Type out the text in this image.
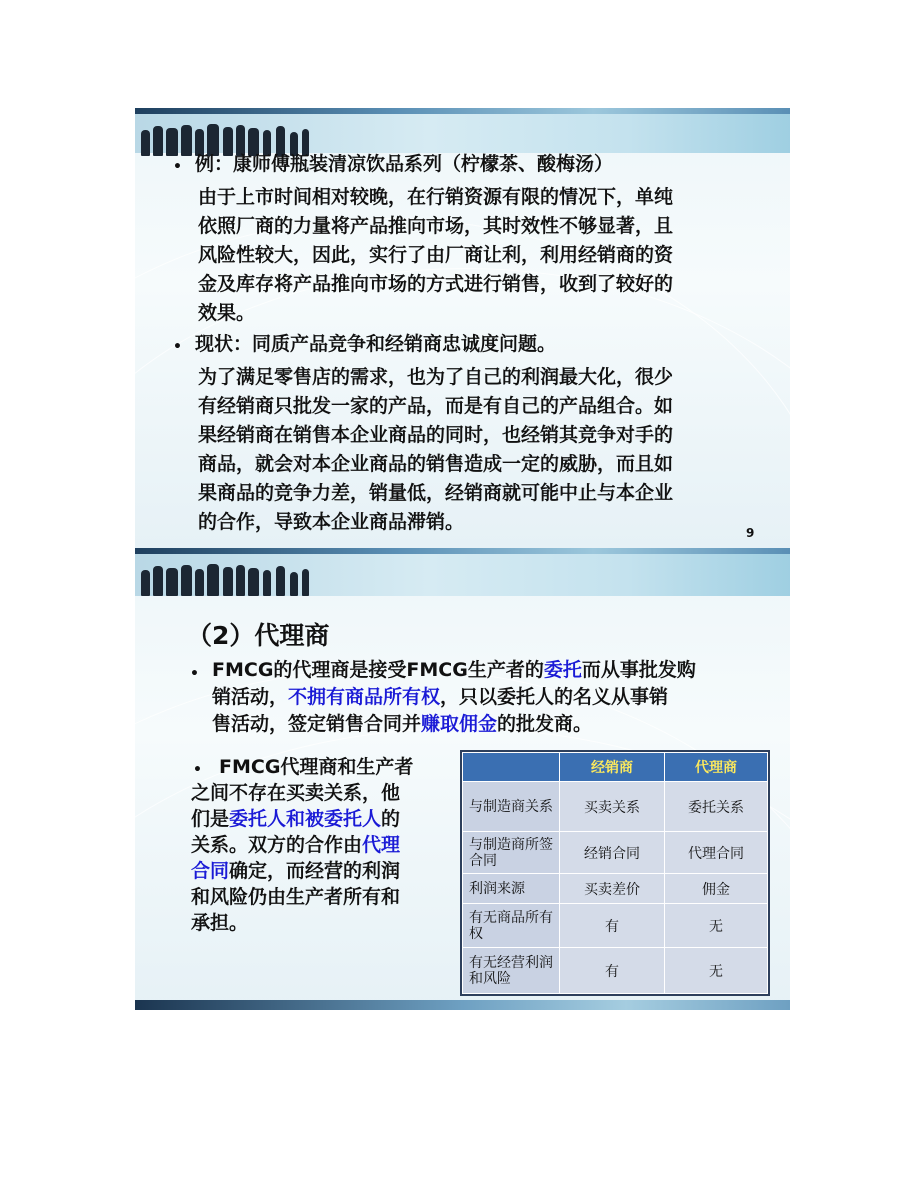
• 例：康师傅瓶装清凉饮品系列（柠檬茶、酸梅汤）
由于上市时间相对较晚，在行销资源有限的情况下，单纯
依照厂商的力量将产品推向市场，其时效性不够显著，且
风险性较大，因此，实行了由厂商让利，利用经销商的资
金及库存将产品推向市场的方式进行销售，收到了较好的
效果。
• 现状：同质产品竞争和经销商忠诚度问题。
为了满足零售店的需求，也为了自己的利润最大化，很少
有经销商只批发一家的产品，而是有自己的产品组合。如
果经销商在销售本企业商品的同时，也经销其竞争对手的
商品，就会对本企业商品的销售造成一定的威胁，而且如
果商品的竞争力差，销量低，经销商就可能中止与本企业
的合作，导致本企业商品滞销。	9
（2）代理商
• FMCG的代理商是接受FMCG生产者的委托而从事批发购
销活动，不拥有商品所有权，只以委托人的名义从事销
售活动，签定销售合同并赚取佣金的批发商。
• FMCG代理商和生产者
之间不存在买卖关系，他
们是委托人和被委托人的
关系。双方的合作由代理
合同确定，而经营的利润
和风险仍由生产者所有和
承担。
	经销商	代理商
与制造商关系	买卖关系	委托关系
与制造商所签合同	经销合同	代理合同
利润来源	买卖差价	佣金
有无商品所有权	有	无
有无经营利润和风险	有	无
